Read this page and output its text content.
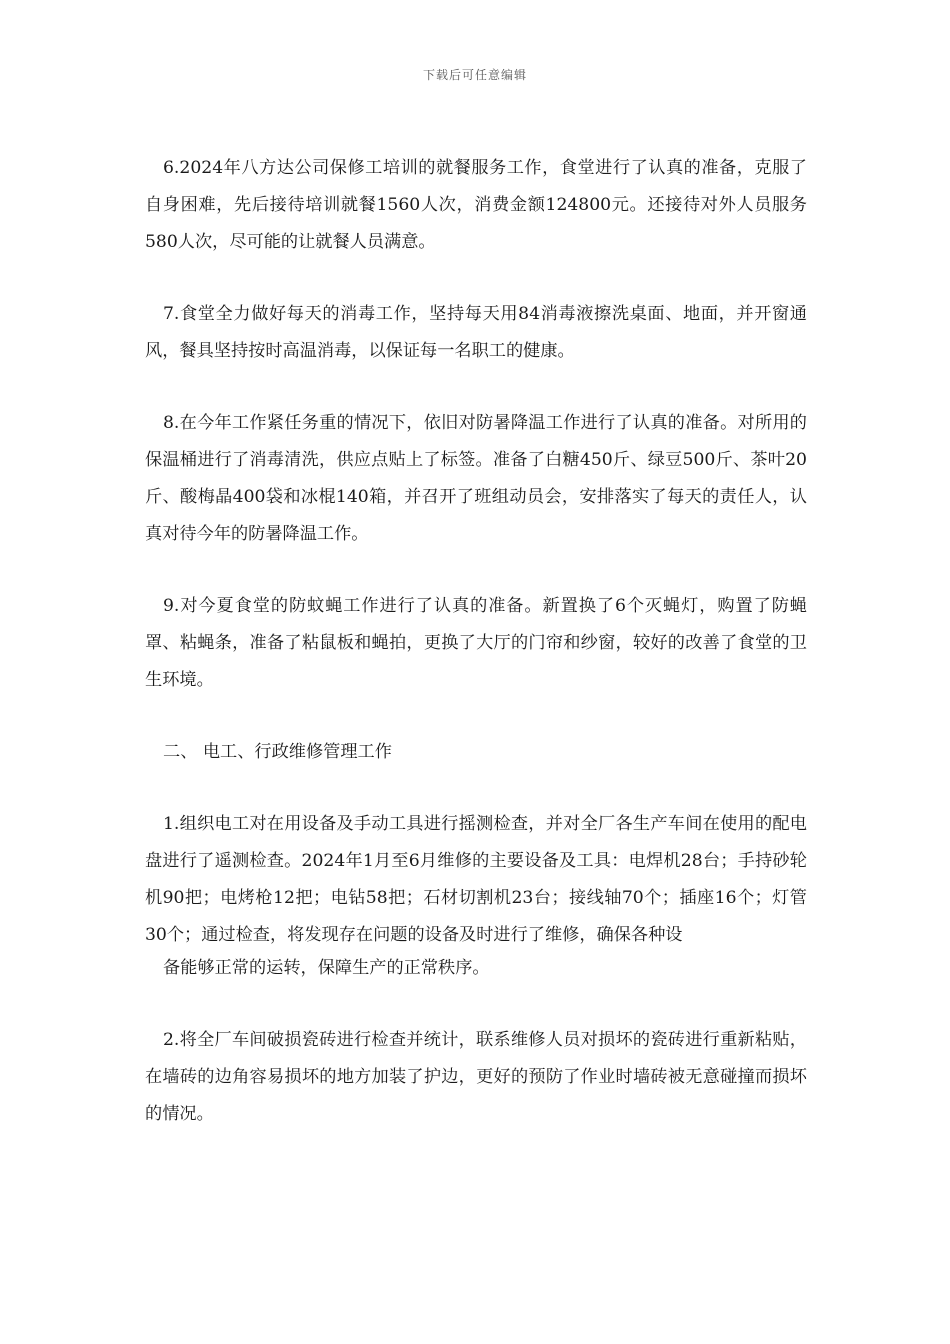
下载后可任意编辑

6.2024年八方达公司保修工培训的就餐服务工作，食堂进行了认真的准备，克服了自身困难，先后接待培训就餐1560人次，消费金额124800元。还接待对外人员服务580人次，尽可能的让就餐人员满意。

7.食堂全力做好每天的消毒工作，坚持每天用84消毒液擦洗桌面、地面，并开窗通风，餐具坚持按时高温消毒，以保证每一名职工的健康。

8.在今年工作紧任务重的情况下，依旧对防暑降温工作进行了认真的准备。对所用的保温桶进行了消毒清洗，供应点贴上了标签。准备了白糖450斤、绿豆500斤、茶叶20斤、酸梅晶400袋和冰棍140箱，并召开了班组动员会，安排落实了每天的责任人，认真对待今年的防暑降温工作。

9.对今夏食堂的防蚊蝇工作进行了认真的准备。新置换了6个灭蝇灯，购置了防蝇罩、粘蝇条，准备了粘鼠板和蝇拍，更换了大厅的门帘和纱窗，较好的改善了食堂的卫生环境。

二、 电工、行政维修管理工作

1.组织电工对在用设备及手动工具进行摇测检查，并对全厂各生产车间在使用的配电盘进行了遥测检查。2024年1月至6月维修的主要设备及工具：电焊机28台；手持砂轮机90把；电烤枪12把；电钻58把；石材切割机23台；接线轴70个；插座16个；灯管30个；通过检查，将发现存在问题的设备及时进行了维修，确保各种设

备能够正常的运转，保障生产的正常秩序。

2.将全厂车间破损瓷砖进行检查并统计，联系维修人员对损坏的瓷砖进行重新粘贴，在墙砖的边角容易损坏的地方加装了护边，更好的预防了作业时墙砖被无意碰撞而损坏的情况。
